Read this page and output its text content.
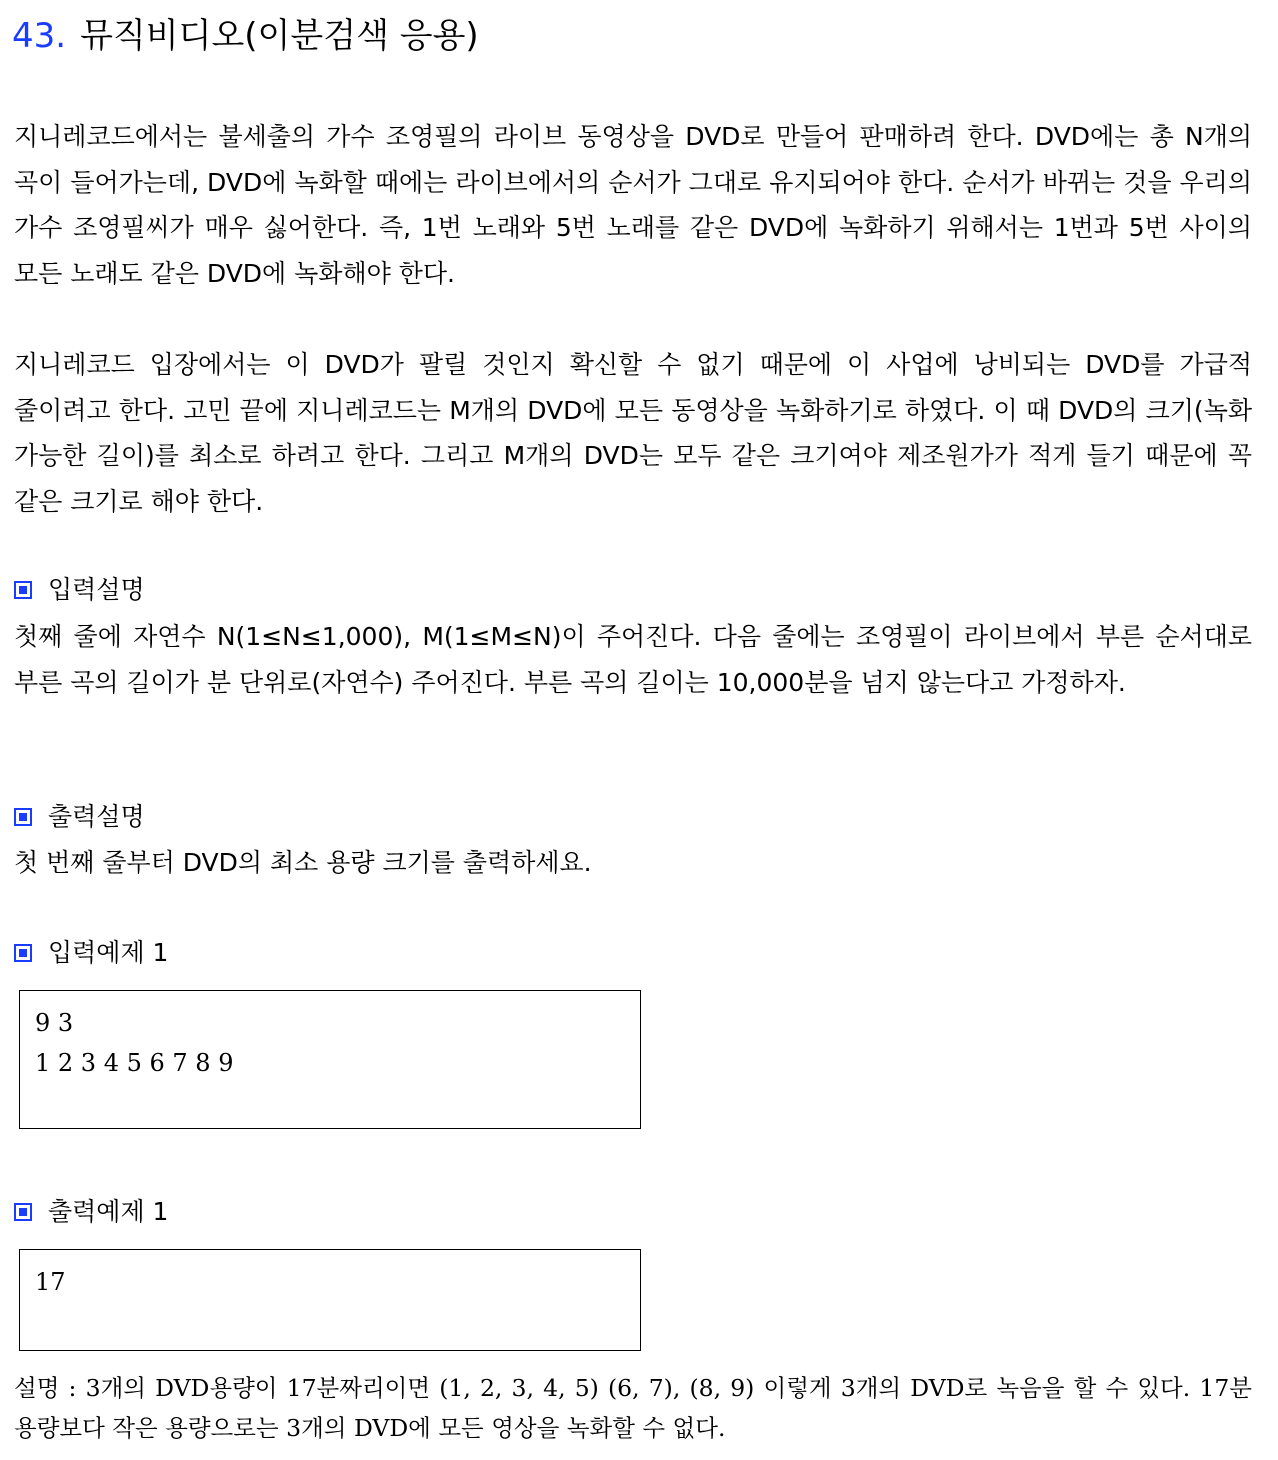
43. 뮤직비디오(이분검색 응용)
지니레코드에서는 불세출의 가수 조영필의 라이브 동영상을 DVD로 만들어 판매하려 한다. DVD에는 총 N개의 곡이 들어가는데, DVD에 녹화할 때에는 라이브에서의 순서가 그대로 유지되어야 한다. 순서가 바뀌는 것을 우리의 가수 조영필씨가 매우 싫어한다. 즉, 1번 노래와 5번 노래를 같은 DVD에 녹화하기 위해서는 1번과 5번 사이의 모든 노래도 같은 DVD에 녹화해야 한다.
지니레코드 입장에서는 이 DVD가 팔릴 것인지 확신할 수 없기 때문에 이 사업에 낭비되는 DVD를 가급적 줄이려고 한다. 고민 끝에 지니레코드는 M개의 DVD에 모든 동영상을 녹화하기로 하였다. 이 때 DVD의 크기(녹화 가능한 길이)를 최소로 하려고 한다. 그리고 M개의 DVD는 모두 같은 크기여야 제조원가가 적게 들기 때문에 꼭 같은 크기로 해야 한다.
입력설명
첫째 줄에 자연수 N(1≤N≤1,000), M(1≤M≤N)이 주어진다. 다음 줄에는 조영필이 라이브에서 부른 순서대로 부른 곡의 길이가 분 단위로(자연수) 주어진다. 부른 곡의 길이는 10,000분을 넘지 않는다고 가정하자.
출력설명
첫 번째 줄부터 DVD의 최소 용량 크기를 출력하세요.
입력예제 1
9 3
1 2 3 4 5 6 7 8 9
출력예제 1
17
설명 : 3개의 DVD용량이 17분짜리이면 (1, 2, 3, 4, 5) (6, 7), (8, 9) 이렇게 3개의 DVD로 녹음을 할 수 있다. 17분 용량보다 작은 용량으로는 3개의 DVD에 모든 영상을 녹화할 수 없다.
